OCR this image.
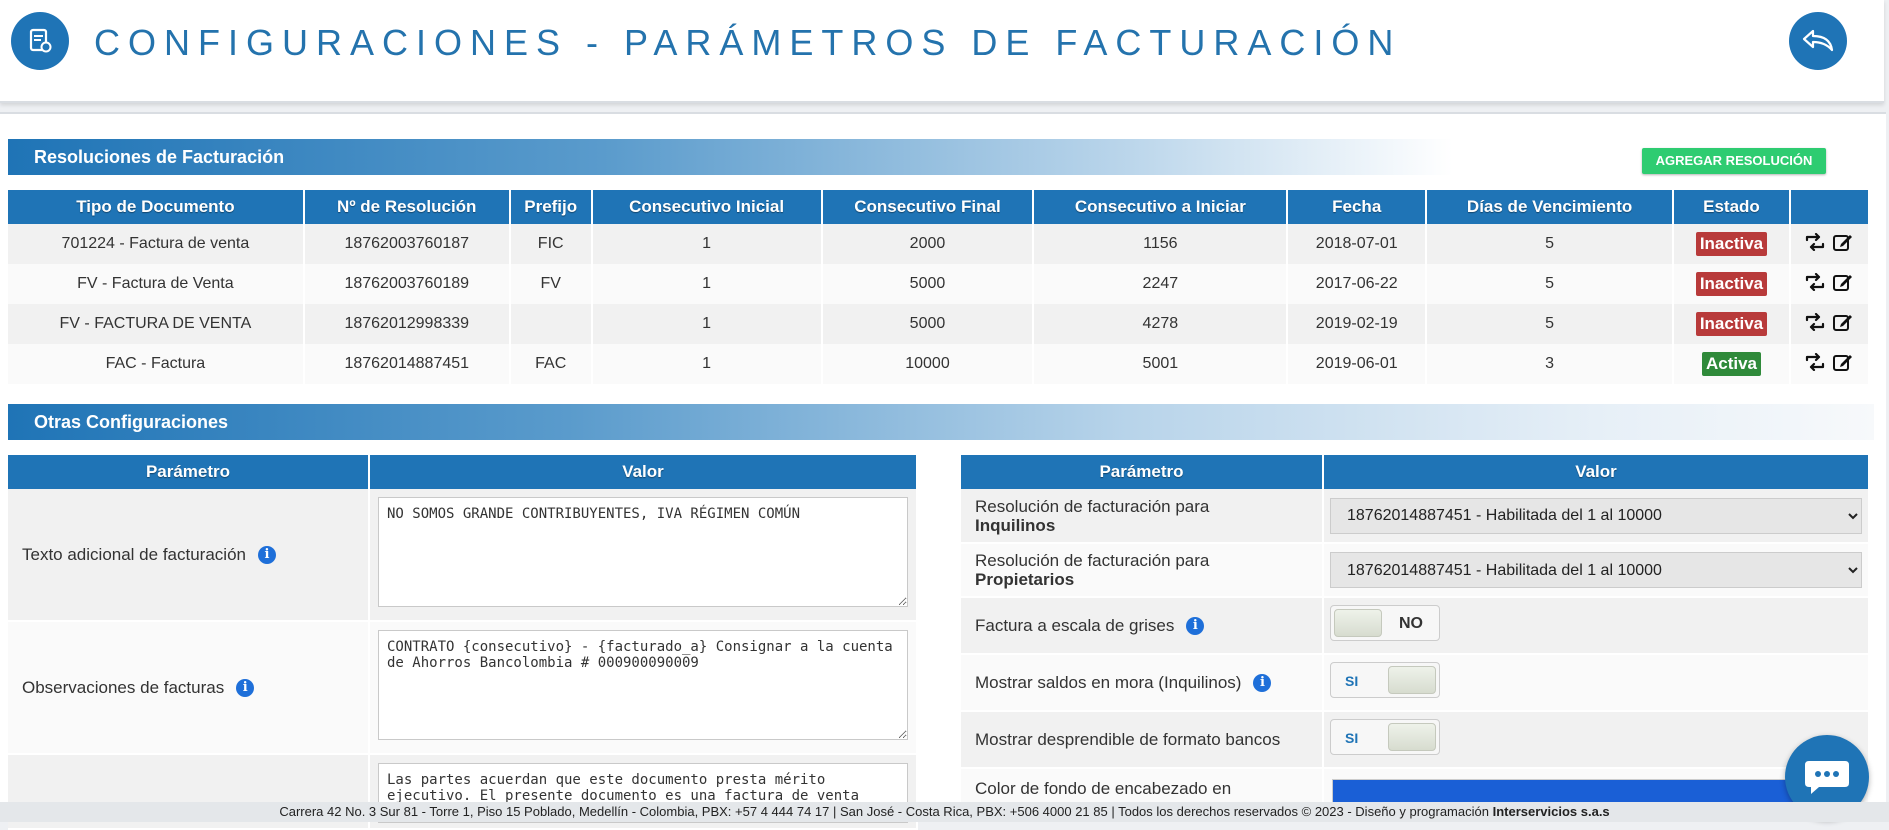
CONFIGURACIONES - PARÁMETROS DE FACTURACIÓN
Resoluciones de Facturación	AGREGAR RESOLUCIÓN
Tipo de Documento	Nº de Resolución	Prefijo	Consecutivo Inicial	Consecutivo Final	Consecutivo a Iniciar	Fecha	Días de Vencimiento	Estado	
701224 - Factura de venta	18762003760187	FIC	1	2000	1156	2018-07-01	5	Inactiva	

FV - Factura de Venta	18762003760189	FV	1	5000	2247	2017-06-22	5	Inactiva	

FV - FACTURA DE VENTA	18762012998339		1	5000	4278	2019-02-19	5	Inactiva	

FAC - Factura	18762014887451	FAC	1	10000	5001	2019-06-01	3	Activa	
Otras Configuraciones
Parámetro	Valor
Texto adicional de facturación i	NO SOMOS GRANDE CONTRIBUYENTES, IVA RÉGIMEN COMÚN
Observaciones de facturas i	CONTRATO {consecutivo} - {facturado_a} Consignar a la cuenta de Ahorros Bancolombia # 000900090009
	Las partes acuerdan que este documento presta mérito ejecutivo. El presente documento es una factura de venta
Parámetro	Valor
Resolución de facturación para
Inquilinos	
18762014887451 - Habilitada del 1 al 10000
Resolución de facturación para
Propietarios	
18762014887451 - Habilitada del 1 al 10000
Factura a escala de grises i	NO

Mostrar saldos en mora (Inquilinos) i	SI

Mostrar desprendible de formato bancos	SI

Color de fondo de encabezado en	
Carrera 42 No. 3 Sur 81 - Torre 1, Piso 15 Poblado, Medellín - Colombia, PBX: +57 4 444 74 17 | San José - Costa Rica, PBX: +506 4000 21 85 | Todos los derechos reservados © 2023 - Diseño y programación Interservicios s.a.s
